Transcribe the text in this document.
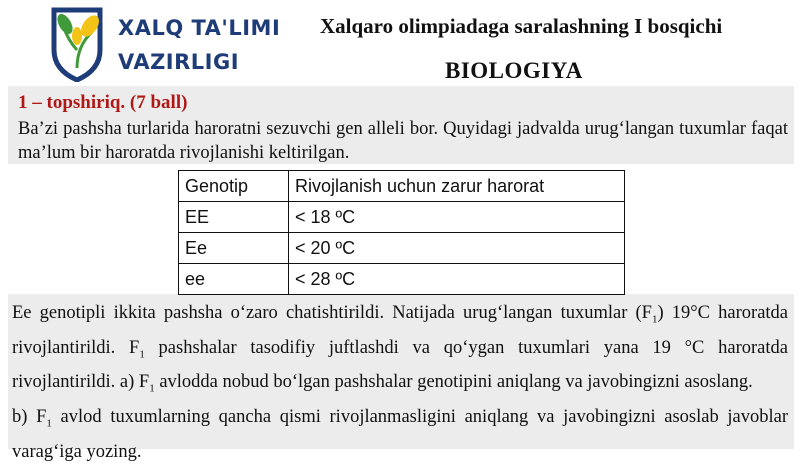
XALQ TA'LIMI
VAZIRLIGI
Xalqaro olimpiadaga saralashning I bosqichi
BIOLOGIYA
1 – topshiriq. (7 ball)
Ba’zi pashsha turlarida haroratni sezuvchi gen alleli bor. Quyidagi jadvalda urug‘langan tuxumlar faqat ma’lum bir haroratda rivojlanishi keltirilgan.
Genotip	Rivojlanish uchun zarur harorat
EE	< 18 ºC
Ee	< 20 ºC
ee	< 28 ºC

Ee genotipli ikkita pashsha o‘zaro chatishtirildi. Natijada urug‘langan tuxumlar $(F_1)$ 19°C haroratda rivojlantirildi. $F_1$ pashshalar tasodifiy juftlashdi va qo‘ygan tuxumlari yana 19 °C haroratda rivojlantirildi. a) $F_1$ avlodda nobud bo‘lgan pashshalar genotipini aniqlang va javobingizni asoslang.

b) $F_1$ avlod tuxumlarning qancha qismi rivojlanmasligini aniqlang va javobingizni asoslab javoblar varag‘iga yozing.
